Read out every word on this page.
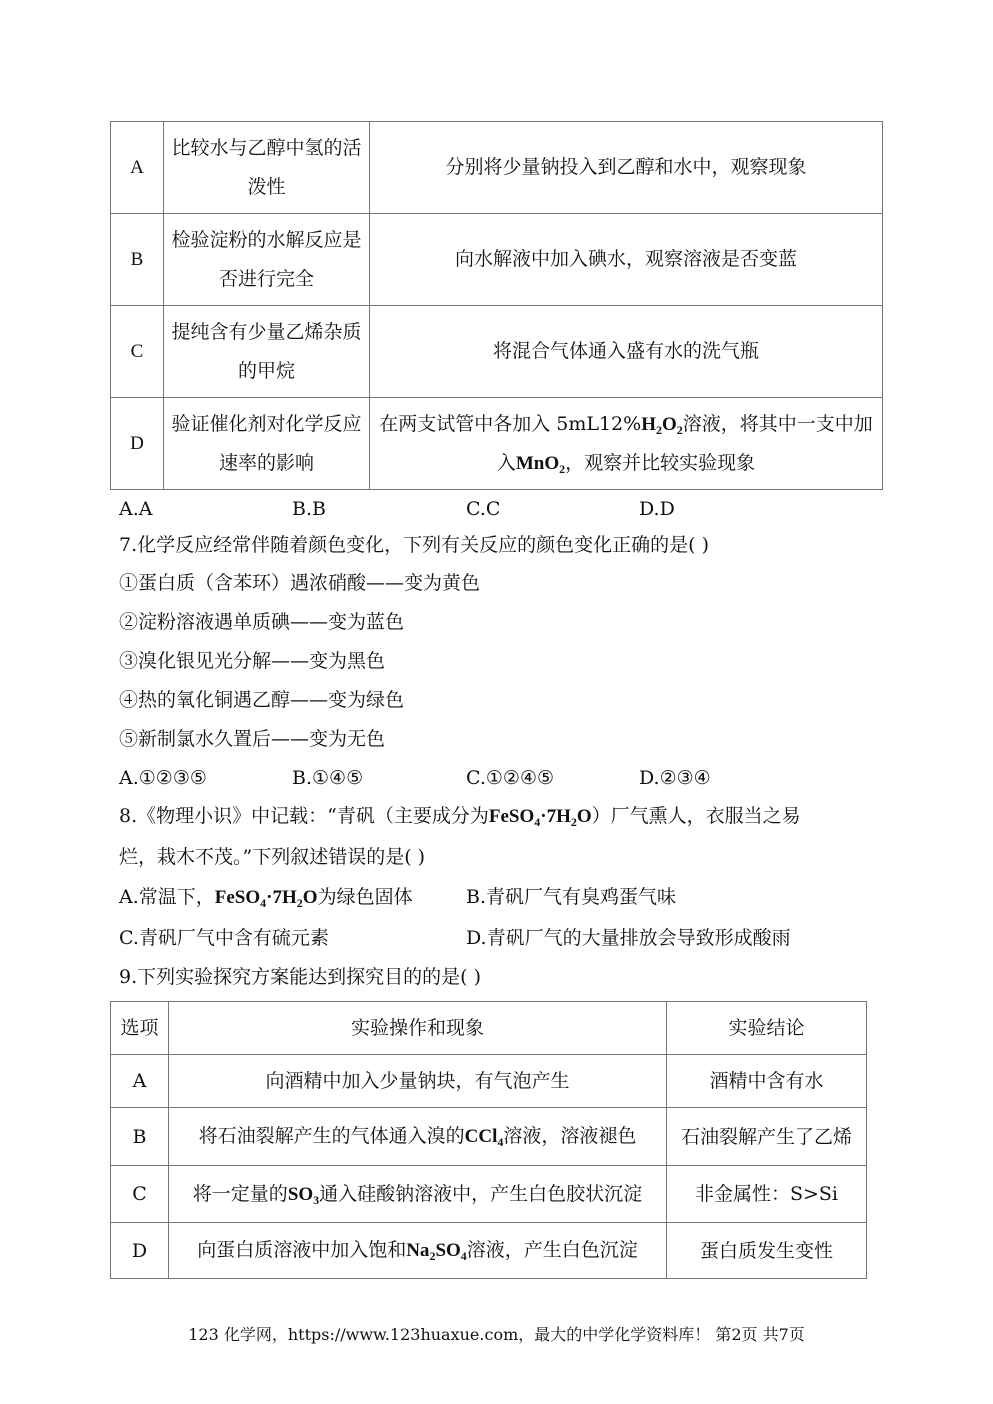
A	比较水与乙醇中氢的活泼性	分别将少量钠投入到乙醇和水中，观察现象
B	检验淀粉的水解反应是否进行完全	向水解液中加入碘水，观察溶液是否变蓝
C	提纯含有少量乙烯杂质的甲烷	将混合气体通入盛有水的洗气瓶
D	验证催化剂对化学反应速率的影响	在两支试管中各加入 $5mL12\%H_2O_2$溶液，将其中一支中加入MnO$_2$，观察并比较实验现象
A.A	B.B	C.C	D.D
7.化学反应经常伴随着颜色变化，下列有关反应的颜色变化正确的是( )
①蛋白质（含苯环）遇浓硝酸——变为黄色
②淀粉溶液遇单质碘——变为蓝色
③溴化银见光分解——变为黑色
④热的氧化铜遇乙醇——变为绿色
⑤新制氯水久置后——变为无色
A.①②③⑤	B.①④⑤	C.①②④⑤	D.②③④
8.《物理小识》中记载：“青矾（主要成分为$FeSO_4\cdot 7H_2O$）厂气熏人，衣服当之易
烂，栽木不茂。”下列叙述错误的是( )
A.常温下，$FeSO_4\cdot 7H_2O$为绿色固体	B.青矾厂气有臭鸡蛋气味
C.青矾厂气中含有硫元素	D.青矾厂气的大量排放会导致形成酸雨
9.下列实验探究方案能达到探究目的的是( )
选项	实验操作和现象	实验结论
A	向酒精中加入少量钠块，有气泡产生	酒精中含有水
B	将石油裂解产生的气体通入溴的CCl$_4$溶液，溶液褪色	石油裂解产生了乙烯
C	将一定量的$SO_3$通入硅酸钠溶液中，产生白色胶状沉淀	非金属性：S>Si
D	向蛋白质溶液中加入饱和$Na_2SO_4$溶液，产生白色沉淀	蛋白质发生变性
123 化学网，https://www.123huaxue.com，最大的中学化学资料库！ 第2页 共7页
